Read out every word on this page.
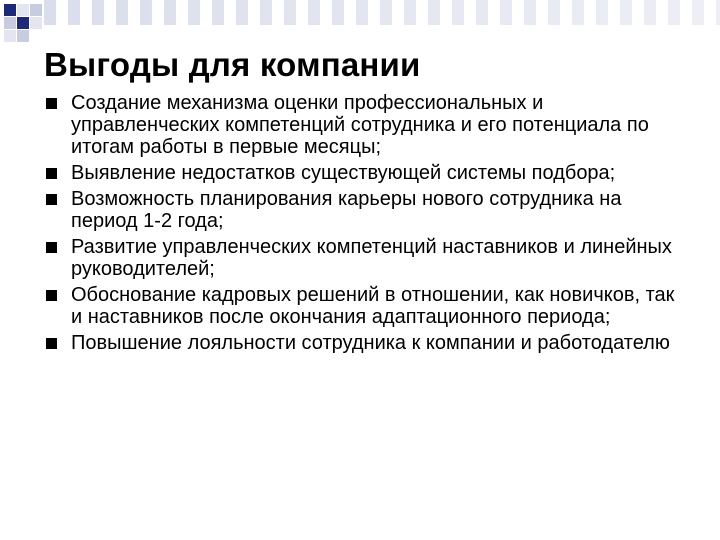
Выгоды для компании
Создание механизма оценки профессиональных и управленческих компетенций сотрудника и его потенциала по итогам работы в первые месяцы;
Выявление недостатков существующей системы подбора;
Возможность планирования карьеры нового сотрудника на период 1-2 года;
Развитие управленческих компетенций наставников и линейных руководителей;
Обоснование кадровых решений в отношении, как новичков, так и наставников после окончания адаптационного периода;
Повышение лояльности сотрудника к компании и работодателю
